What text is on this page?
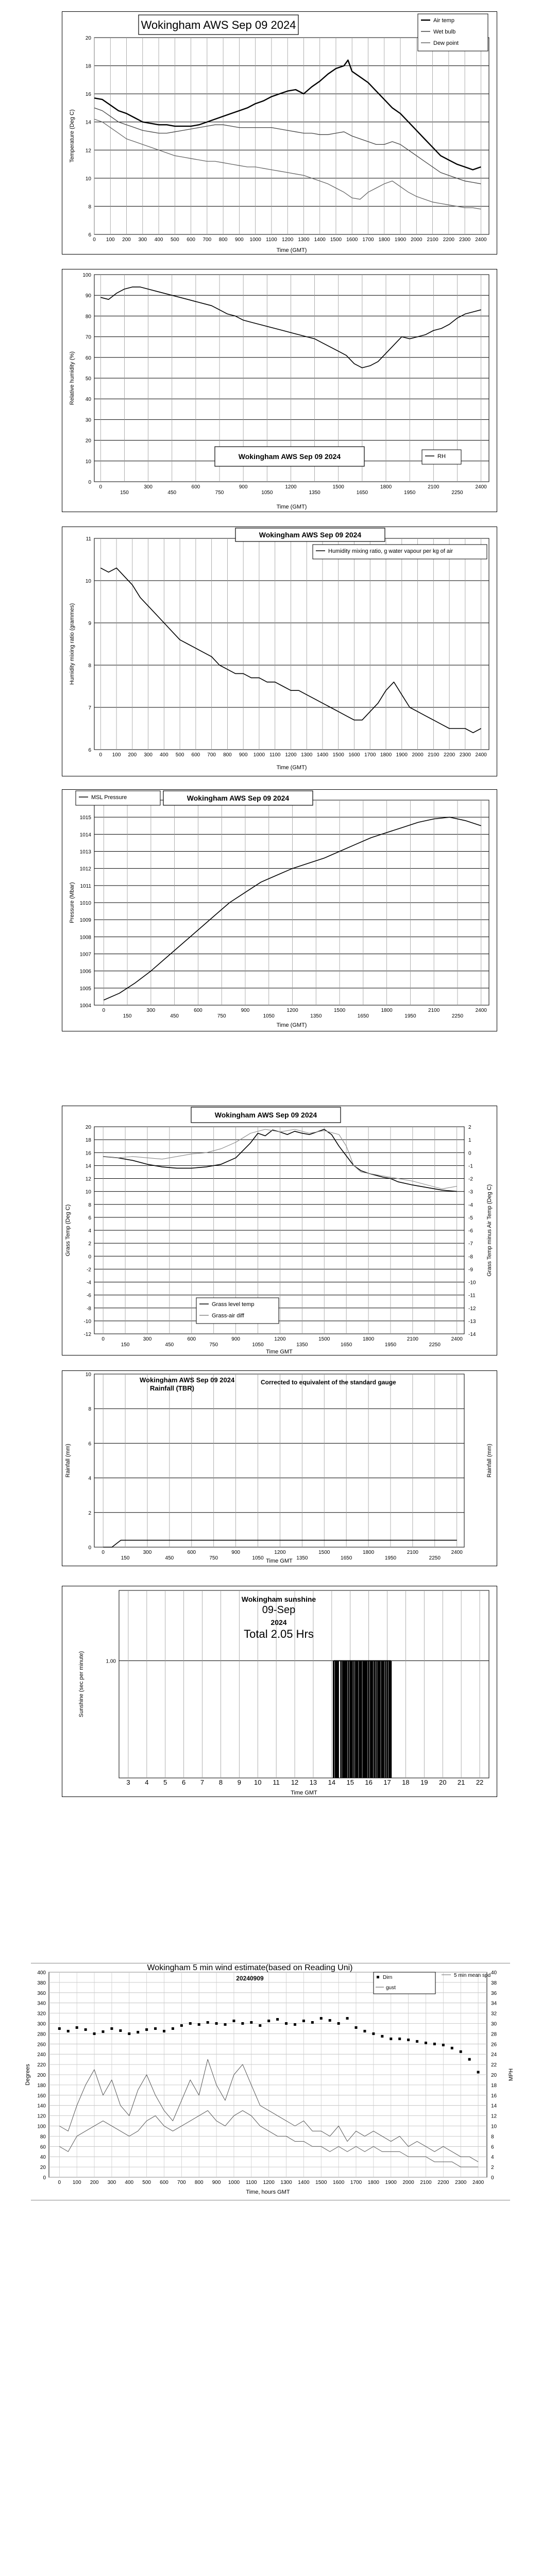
6
8
10
12
14
16
18
20
0 100 200 300 400 500 600 700 800 900 1000 1100 1200 1300 1400 1500 1600 1700 1800 1900 2000 2100 2200 2300 2400
Time (GMT)
Temperature (Deg C)
Wokingham AWS Sep 09 2024	Air temp
Wet bulb
Dew point
0
10
20
30
40
50
60
70
80
90
100
0
150
300
450
600
750
900
1050
1200
1350
1500
1650
1800
1950
2100
2250
2400
Time (GMT)
Relative humidity (%)
Wokingham AWS Sep 09 2024	RH
6
7
8
9
10
11
0 100 200 300 400 500 600 700 800 900 1000 1100 1200 1300 1400 1500 1600 1700 1800 1900 2000 2100 2200 2300 2400
Time (GMT)
Humidity mixing ratio (grammes)
Wokingham AWS Sep 09 2024
Humidity mixing ratio, g water vapour per kg of air
1004
1005
1006
1007
1008
1009
1010
1011
1012
1013
1014
1015
0
150
300
450
600
750
900
1050
1200
1350
1500
1650
1800
1950
2100
2250
2400
Time (GMT)
Pressure (Mbar)
Wokingham AWS Sep 09 2024
MSL Pressure
-12
-10
-8
-6
-4
-2
0
2
4
6
8
10
12
14
16
18
20
0
150
300
450
600
750
900
1050
1200
1350
1500
1650
1800
1950
2100
2250
2400
Time GMT
Grass Temp (Deg C)
-14
-13
-12
-11
-10
-9
-8
-7
-6
-5
-4
-3
-2
-1
0
1
2
Grass Temp minus Air Temp (Deg C)
Wokingham AWS Sep 09 2024
Grass level temp
Grass-air diff
0
2
4
6
8
10
0
150
300
450
600
750
900
1050
1200
1350
1500
1650
1800
1950
2100
2250
2400
Time GMT
Rainfall (mm)	Rainfall (mm)
Wokingham AWS Sep 09 2024
Rainfall (TBR)
Corrected to equivalent of the standard gauge
1.00
3 4 5 6 7 8 9 10 11 12 13 14 15 16 17 18 19 20 21 22
Time GMT
Sunshine (sec per minute)
Wokingham sunshine
09-Sep
2024
Total 2.05 Hrs
0
20
40
60
80
100
120
140
160
180
200
220
240
260
280
300
320
340
360
380
400
0 100 200 300 400 500 600 700 800 900 1000 1100 1200 1300 1400 1500 1600 1700 1800 1900 2000 2100 2200 2300 2400
Time, hours GMT
Degrees
0
2
4
6
8
10
12
14
16
18
20
22
24
26
28
30
32
34
36
38
40
MPH
Wokingham 5 min wind estimate(based on Reading Uni)
20240909	Dirn
gust
5 min mean spd
